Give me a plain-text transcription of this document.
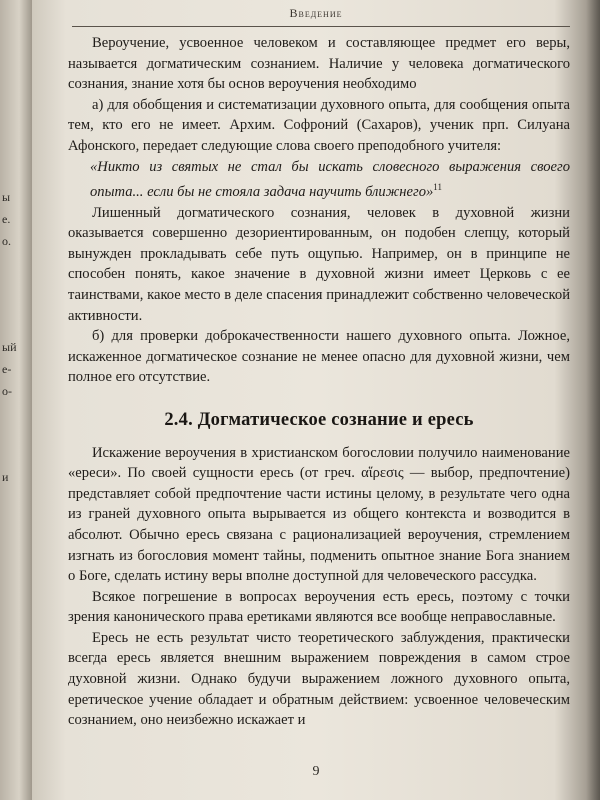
ы
е.
о.
ый
е-
о-
и
Введение

Вероучение, усвоенное человеком и составляющее предмет его веры, называется догматическим сознанием. Наличие у человека догматического сознания, знание хотя бы основ вероучения необходимо

а) для обобщения и систематизации духовного опыта, для сообщения опыта тем, кто его не имеет. Архим. Софроний (Сахаров), ученик прп. Силуана Афонского, передает следующие слова своего преподобного учителя:

«Никто из святых не стал бы искать словесного выражения своего опыта... если бы не стояла задача научить ближнего»$^{11}$

Лишенный догматического сознания, человек в духовной жизни оказывается совершенно дезориентированным, он подобен слепцу, который вынужден прокладывать себе путь ощупью. Например, он в принципе не способен понять, какое значение в духовной жизни имеет Церковь с ее таинствами, какое место в деле спасения принадлежит собственно человеческой активности.

б) для проверки доброкачественности нашего духовного опыта. Ложное, искаженное догматическое сознание не менее опасно для духовной жизни, чем полное его отсутствие.

2.4. Догматическое сознание и ересь

Искажение вероучения в христианском богословии получило наименование «ереси». По своей сущности ересь (от греч. αἵρεσις — выбор, предпочтение) представляет собой предпочтение части истины целому, в результате чего одна из граней духовного опыта вырывается из общего контекста и возводится в абсолют. Обычно ересь связана с рационализацией вероучения, стремлением изгнать из богословия момент тайны, подменить опытное знание Бога знанием о Боге, сделать истину веры вполне доступной для человеческого рассудка.

Всякое погрешение в вопросах вероучения есть ересь, поэтому с точки зрения канонического права еретиками являются все вообще неправославные.

Ересь не есть результат чисто теоретического заблуждения, практически всегда ересь является внешним выражением повреждения в самом строе духовной жизни. Однако будучи выражением ложного духовного опыта, еретическое учение обладает и обратным действием: усвоенное человеческим сознанием, оно неизбежно искажает и

9
